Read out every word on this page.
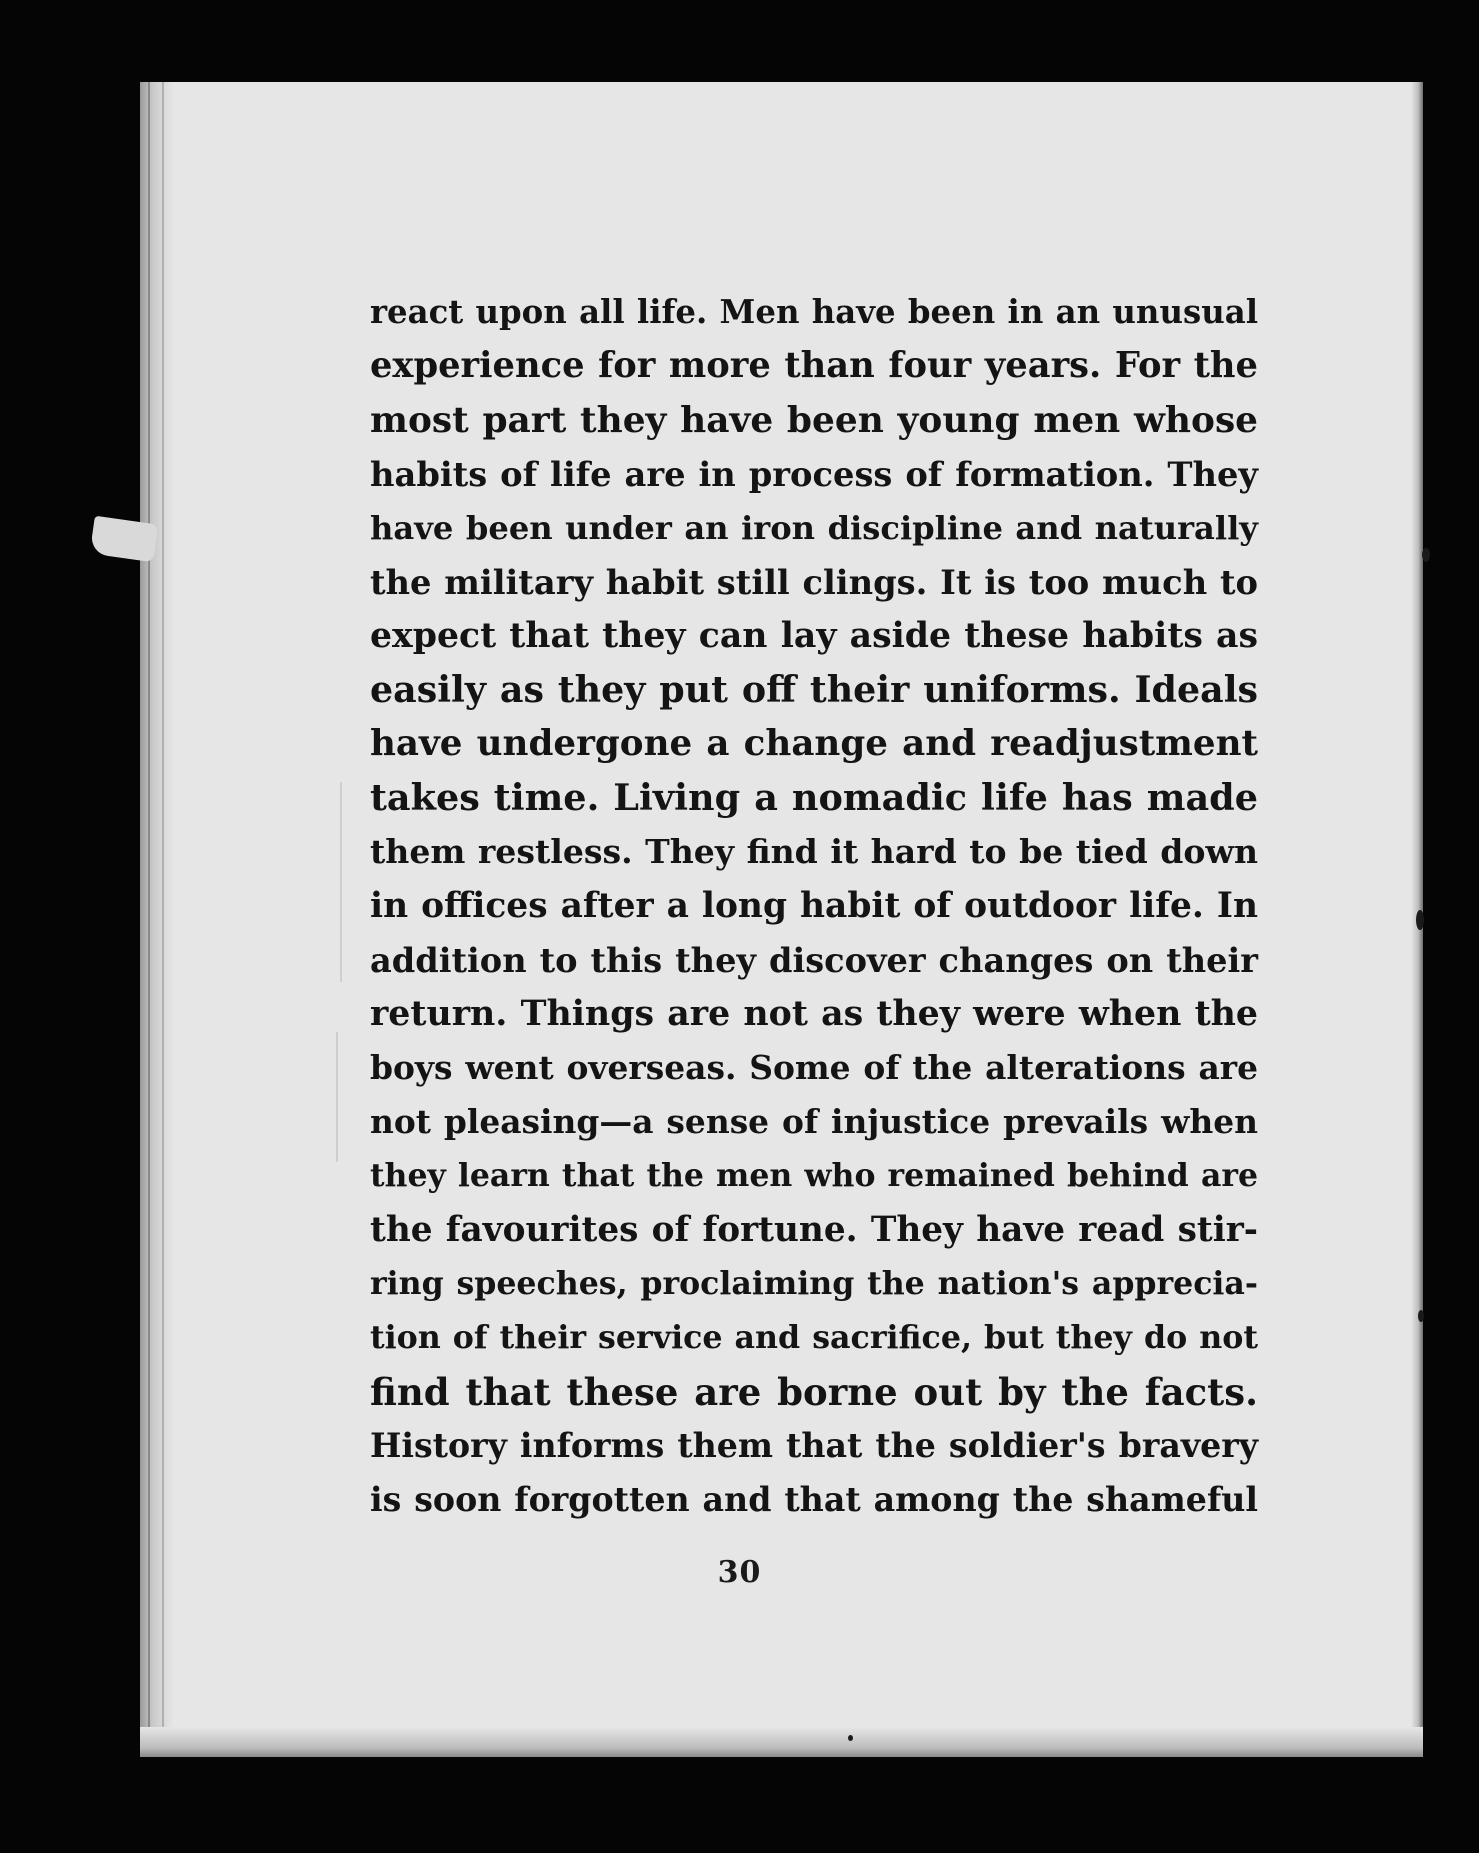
react upon all life. Men have been in an unusual
experience for more than four years. For the
most part they have been young men whose
habits of life are in process of formation. They
have been under an iron discipline and naturally
the military habit still clings. It is too much to
expect that they can lay aside these habits as
easily as they put off their uniforms. Ideals
have undergone a change and readjustment
takes time. Living a nomadic life has made
them restless. They find it hard to be tied down
in offices after a long habit of outdoor life. In
addition to this they discover changes on their
return. Things are not as they were when the
boys went overseas. Some of the alterations are
not pleasing—a sense of injustice prevails when
they learn that the men who remained behind are
the favourites of fortune. They have read stir-
ring speeches, proclaiming the nation's apprecia-
tion of their service and sacrifice, but they do not
find that these are borne out by the facts.
History informs them that the soldier's bravery
is soon forgotten and that among the shameful
30
